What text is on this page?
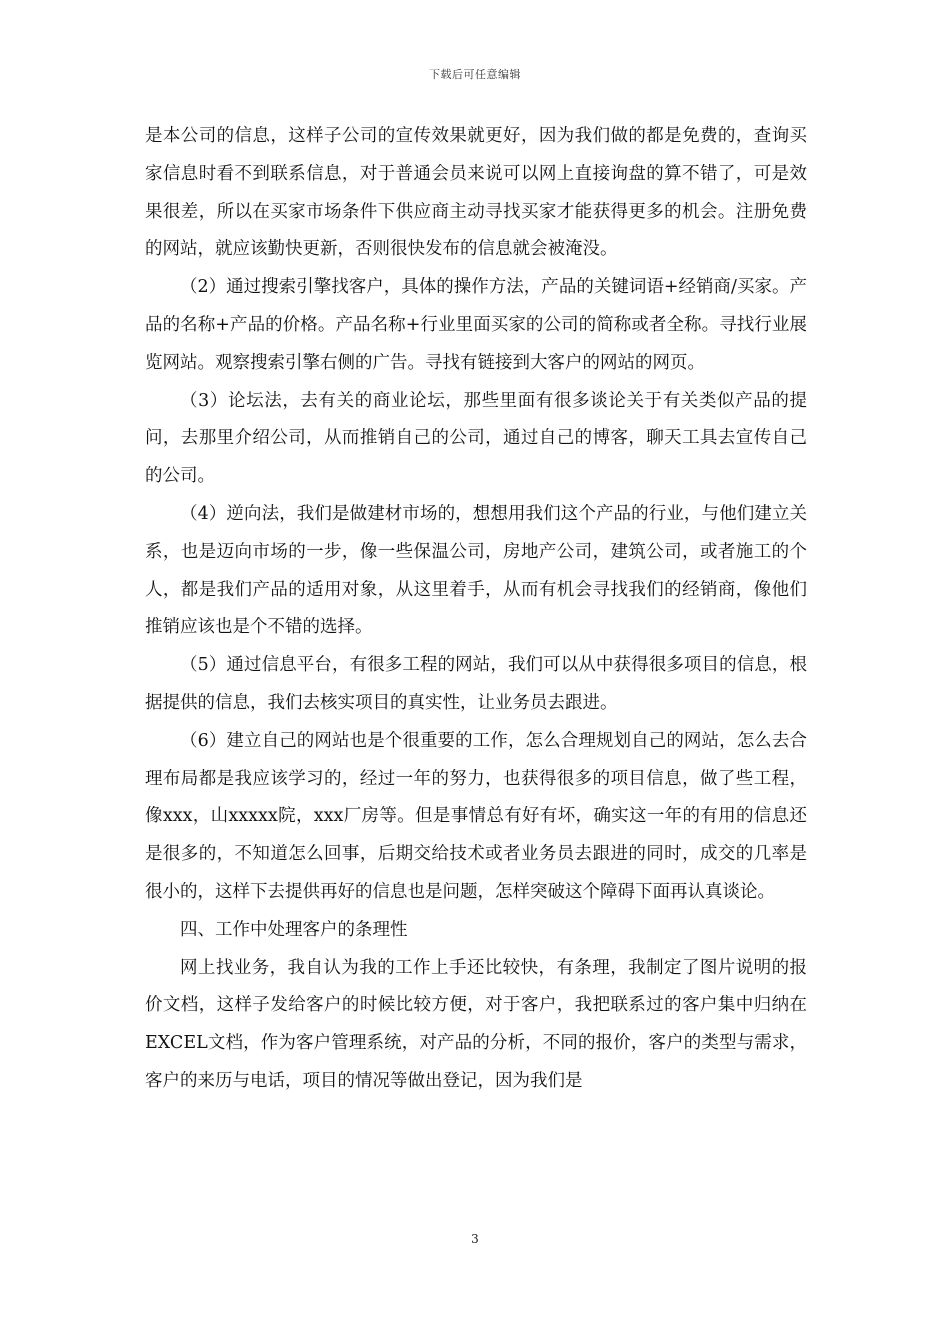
下载后可任意编辑

是本公司的信息，这样子公司的宣传效果就更好，因为我们做的都是免费的，查询买家信息时看不到联系信息，对于普通会员来说可以网上直接询盘的算不错了，可是效果很差，所以在买家市场条件下供应商主动寻找买家才能获得更多的机会。注册免费的网站，就应该勤快更新，否则很快发布的信息就会被淹没。

（2）通过搜索引擎找客户，具体的操作方法，产品的关键词语+经销商/买家。产品的名称+产品的价格。产品名称+行业里面买家的公司的简称或者全称。寻找行业展览网站。观察搜索引擎右侧的广告。寻找有链接到大客户的网站的网页。

（3）论坛法，去有关的商业论坛，那些里面有很多谈论关于有关类似产品的提问，去那里介绍公司，从而推销自己的公司，通过自己的博客，聊天工具去宣传自己的公司。

（4）逆向法，我们是做建材市场的，想想用我们这个产品的行业，与他们建立关系，也是迈向市场的一步，像一些保温公司，房地产公司，建筑公司，或者施工的个人，都是我们产品的适用对象，从这里着手，从而有机会寻找我们的经销商，像他们推销应该也是个不错的选择。

（5）通过信息平台，有很多工程的网站，我们可以从中获得很多项目的信息，根据提供的信息，我们去核实项目的真实性，让业务员去跟进。

（6）建立自己的网站也是个很重要的工作，怎么合理规划自己的网站，怎么去合理布局都是我应该学习的，经过一年的努力，也获得很多的项目信息，做了些工程，像xxx，山xxxxx院，xxx厂房等。但是事情总有好有坏，确实这一年的有用的信息还是很多的，不知道怎么回事，后期交给技术或者业务员去跟进的同时，成交的几率是很小的，这样下去提供再好的信息也是问题，怎样突破这个障碍下面再认真谈论。

四、工作中处理客户的条理性

网上找业务，我自认为我的工作上手还比较快，有条理，我制定了图片说明的报价文档，这样子发给客户的时候比较方便，对于客户，我把联系过的客户集中归纳在EXCEL文档，作为客户管理系统，对产品的分析，不同的报价，客户的类型与需求，客户的来历与电话，项目的情况等做出登记，因为我们是

3
